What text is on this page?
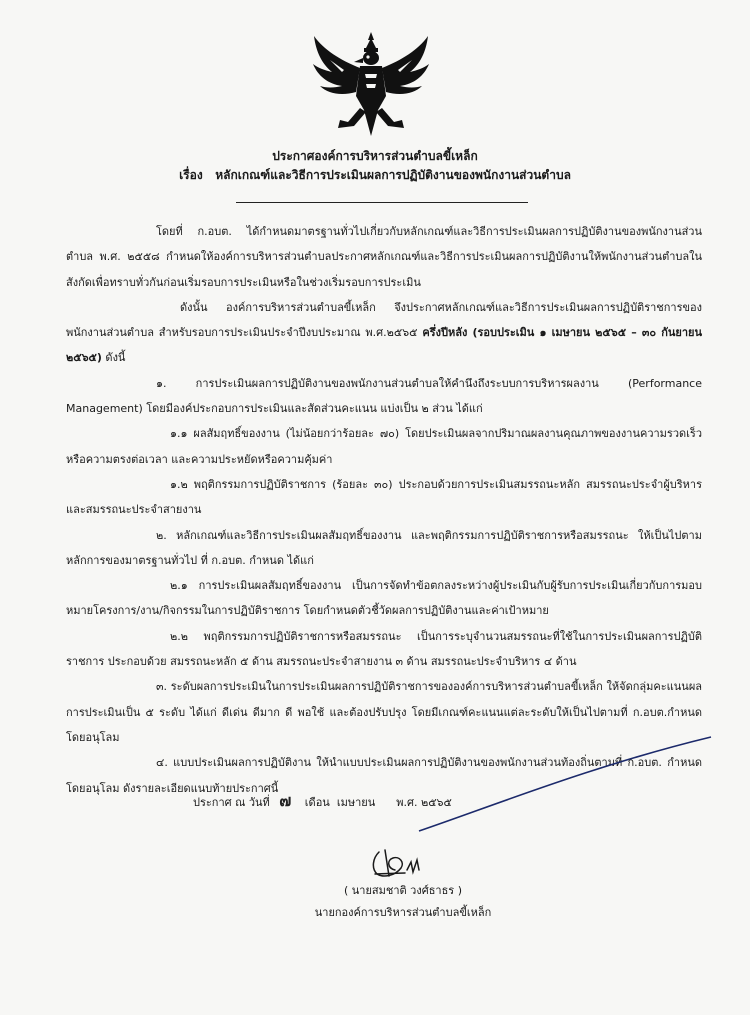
ประกาศองค์การบริหารส่วนตำบลขี้เหล็ก
เรื่อง หลักเกณฑ์และวิธีการประเมินผลการปฏิบัติงานของพนักงานส่วนตำบล

โดยที่ ก.อบต. ได้กำหนดมาตรฐานทั่วไปเกี่ยวกับหลักเกณฑ์และวิธีการประเมินผลการปฏิบัติงานของพนักงานส่วนตำบล พ.ศ. ๒๕๕๘ กำหนดให้องค์การบริหารส่วนตำบลประกาศหลักเกณฑ์และวิธีการประเมินผลการปฏิบัติงานให้พนักงานส่วนตำบลในสังกัดเพื่อทราบทั่วกันก่อนเริ่มรอบการประเมินหรือในช่วงเริ่มรอบการประเมิน

ดังนั้น องค์การบริหารส่วนตำบลขี้เหล็ก จึงประกาศหลักเกณฑ์และวิธีการประเมินผลการปฏิบัติราชการของพนักงานส่วนตำบล สำหรับรอบการประเมินประจำปีงบประมาณ พ.ศ.๒๕๖๕ ครึ่งปีหลัง (รอบประเมิน ๑ เมษายน ๒๕๖๕ – ๓๐ กันยายน ๒๕๖๕) ดังนี้

๑. การประเมินผลการปฏิบัติงานของพนักงานส่วนตำบลให้คำนึงถึงระบบการบริหารผลงาน (Performance Management) โดยมีองค์ประกอบการประเมินและสัดส่วนคะแนน แบ่งเป็น ๒ ส่วน ได้แก่

๑.๑ ผลสัมฤทธิ์ของงาน (ไม่น้อยกว่าร้อยละ ๗๐) โดยประเมินผลจากปริมาณผลงานคุณภาพของงานความรวดเร็วหรือความตรงต่อเวลา และความประหยัดหรือความคุ้มค่า

๑.๒ พฤติกรรมการปฏิบัติราชการ (ร้อยละ ๓๐) ประกอบด้วยการประเมินสมรรถนะหลัก สมรรถนะประจำผู้บริหาร และสมรรถนะประจำสายงาน

๒. หลักเกณฑ์และวิธีการประเมินผลสัมฤทธิ์ของงาน และพฤติกรรมการปฏิบัติราชการหรือสมรรถนะ ให้เป็นไปตามหลักการของมาตรฐานทั่วไป ที่ ก.อบต. กำหนด ได้แก่

๒.๑ การประเมินผลสัมฤทธิ์ของงาน เป็นการจัดทำข้อตกลงระหว่างผู้ประเมินกับผู้รับการประเมินเกี่ยวกับการมอบหมายโครงการ/งาน/กิจกรรมในการปฏิบัติราชการ โดยกำหนดตัวชี้วัดผลการปฏิบัติงานและค่าเป้าหมาย

๒.๒ พฤติกรรมการปฏิบัติราชการหรือสมรรถนะ เป็นการระบุจำนวนสมรรถนะที่ใช้ในการประเมินผลการปฏิบัติราชการ ประกอบด้วย สมรรถนะหลัก ๕ ด้าน สมรรถนะประจำสายงาน ๓ ด้าน สมรรถนะประจำบริหาร ๔ ด้าน

๓. ระดับผลการประเมินในการประเมินผลการปฏิบัติราชการขององค์การบริหารส่วนตำบลขี้เหล็ก ให้จัดกลุ่มคะแนนผลการประเมินเป็น ๕ ระดับ ได้แก่ ดีเด่น ดีมาก ดี พอใช้ และต้องปรับปรุง โดยมีเกณฑ์คะแนนแต่ละระดับให้เป็นไปตามที่ ก.อบต.กำหนดโดยอนุโลม

๔. แบบประเมินผลการปฏิบัติงาน ให้นำแบบประเมินผลการปฏิบัติงานของพนักงานส่วนท้องถิ่นตามที่ ก.อบต. กำหนดโดยอนุโลม ดังรายละเอียดแนบท้ายประกาศนี้

ประกาศ ณ วันที่ ๗ เดือน เมษายน พ.ศ. ๒๕๖๕
( นายสมชาติ วงศ์ธาธร )
นายกองค์การบริหารส่วนตำบลขี้เหล็ก
